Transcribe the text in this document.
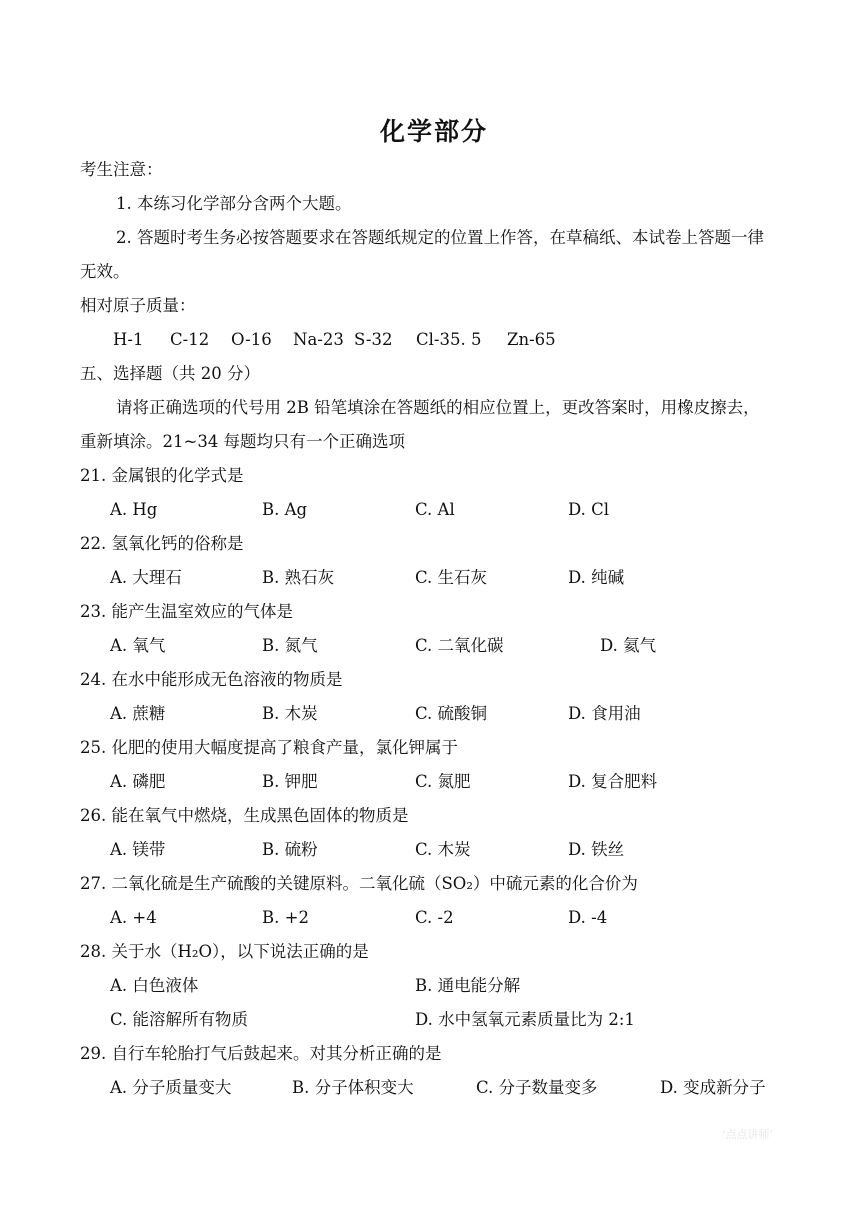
化学部分
考生注意：
1. 本练习化学部分含两个大题。
2. 答题时考生务必按答题要求在答题纸规定的位置上作答，在草稿纸、本试卷上答题一律
无效。
相对原子质量：
H-1 C-12 O-16 Na-23 S-32 Cl-35. 5 Zn-65
五、选择题（共 20 分）
请将正确选项的代号用 2B 铅笔填涂在答题纸的相应位置上，更改答案时，用橡皮擦去，
重新填涂。21~34 每题均只有一个正确选项
21. 金属银的化学式是
A. Hg	B. Ag	C. Al	D. Cl
22. 氢氧化钙的俗称是
A. 大理石	B. 熟石灰	C. 生石灰	D. 纯碱
23. 能产生温室效应的气体是
A. 氧气	B. 氮气	C. 二氧化碳	D. 氦气
24. 在水中能形成无色溶液的物质是
A. 蔗糖	B. 木炭	C. 硫酸铜	D. 食用油
25. 化肥的使用大幅度提高了粮食产量，氯化钾属于
A. 磷肥	B. 钾肥	C. 氮肥	D. 复合肥料
26. 能在氧气中燃烧，生成黑色固体的物质是
A. 镁带	B. 硫粉	C. 木炭	D. 铁丝
27. 二氧化硫是生产硫酸的关键原料。二氧化硫（SO₂）中硫元素的化合价为
A. +4	B. +2	C. -2	D. -4
28. 关于水（H₂O），以下说法正确的是
A. 白色液体	B. 通电能分解
C. 能溶解所有物质	D. 水中氢氧元素质量比为 2:1
29. 自行车轮胎打气后鼓起来。对其分析正确的是
A. 分子质量变大	B. 分子体积变大	C. 分子数量变多	D. 变成新分子
ʻ点点讲师ʼ
